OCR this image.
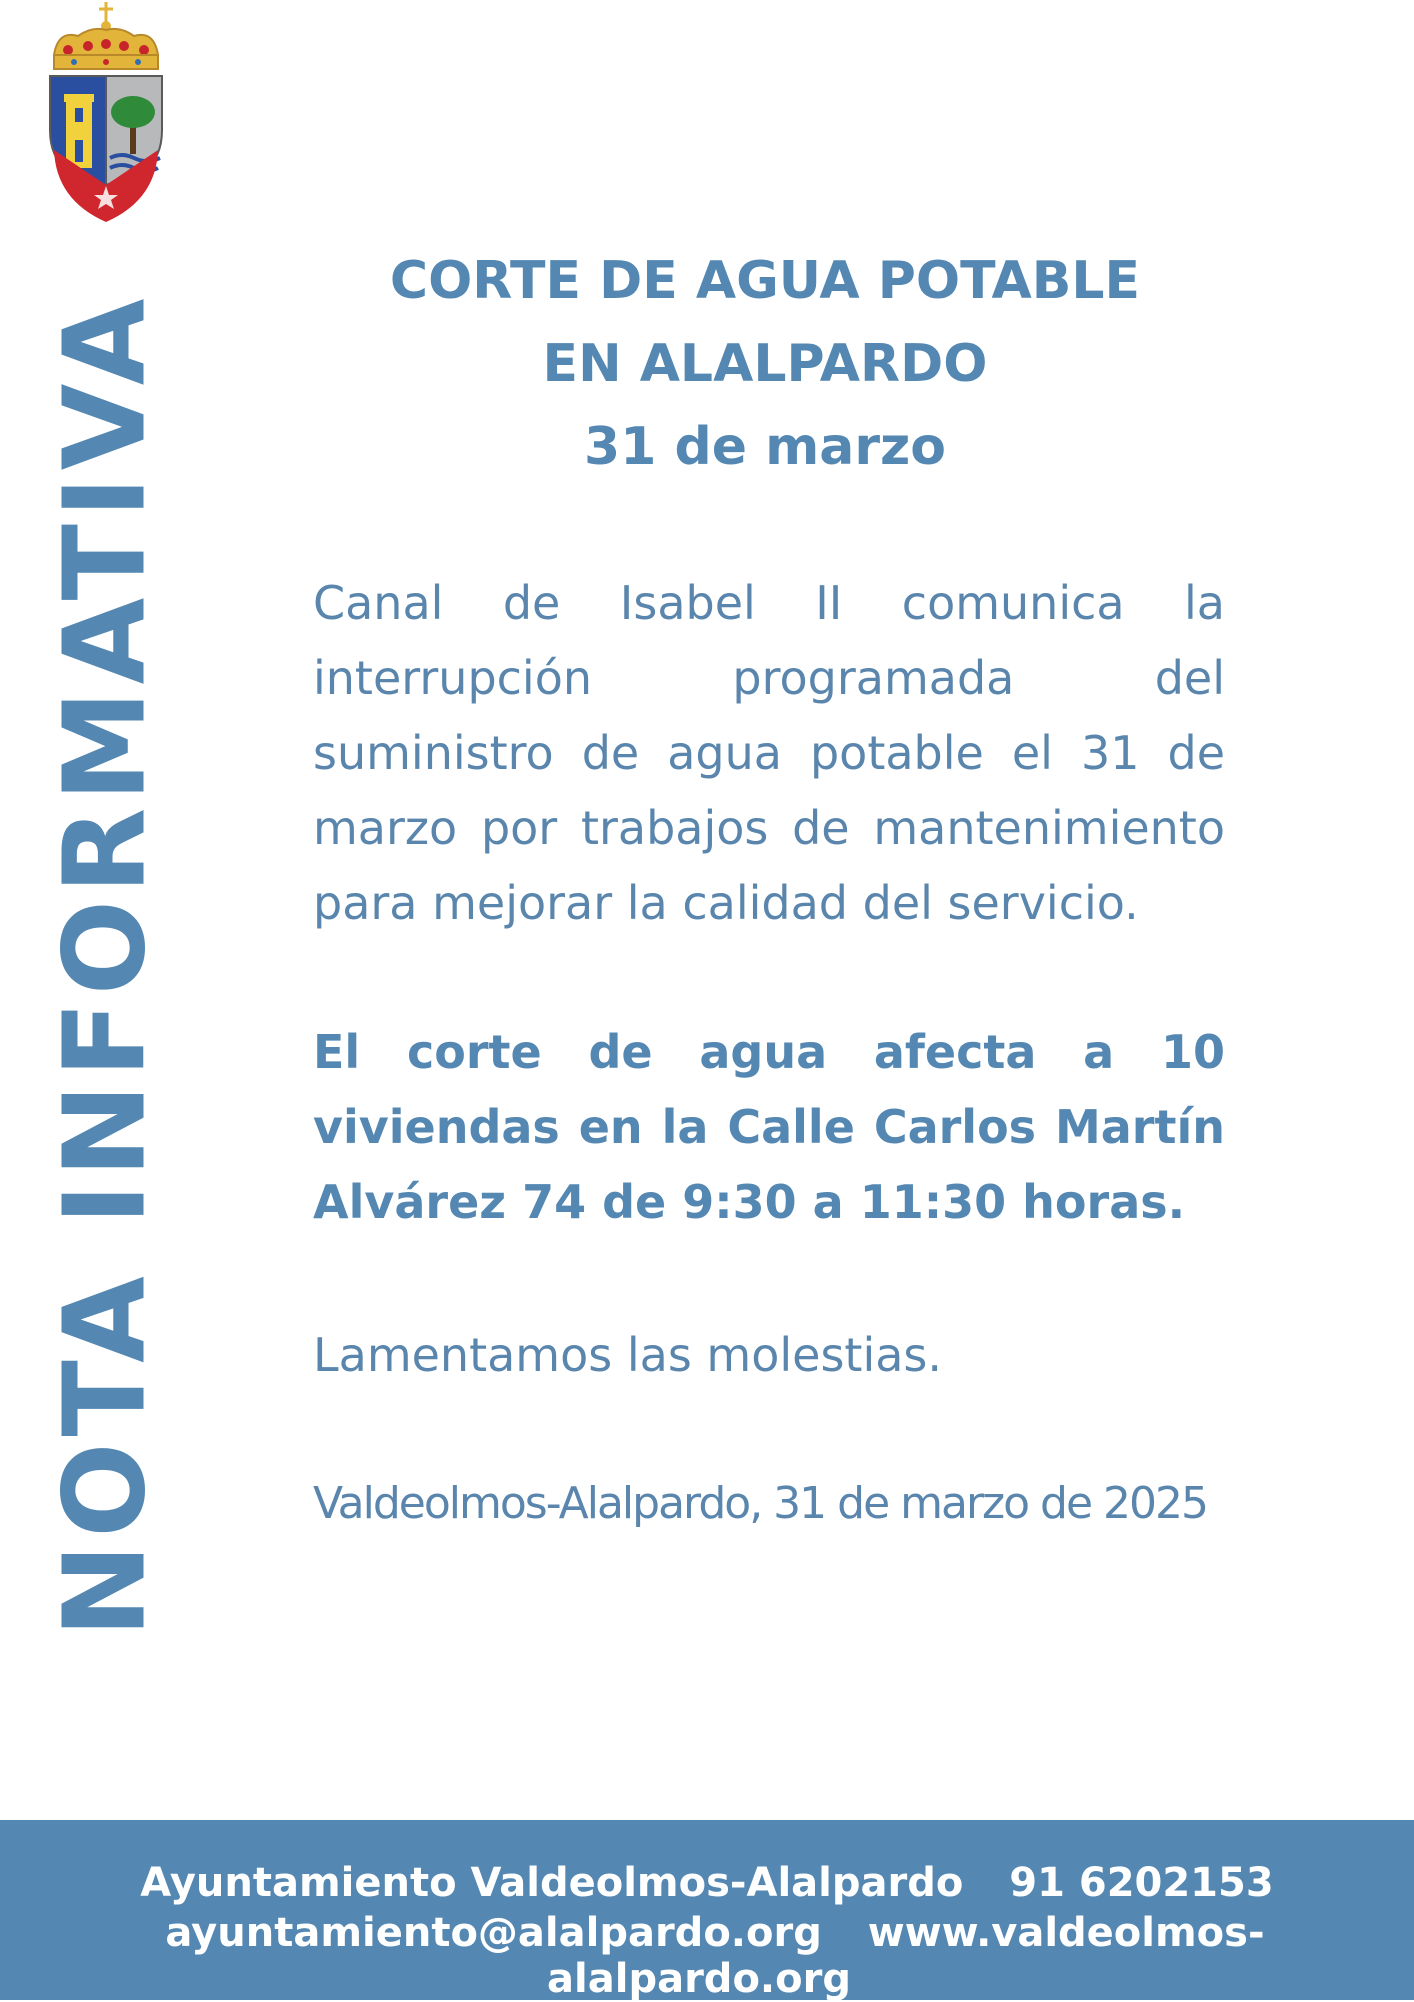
NOTA INFORMATIVA
CORTE DE AGUA POTABLE
EN ALALPARDO
31 de marzo

Canal de Isabel II comunica la interrupción programada del suministro de agua potable el 31 de marzo por trabajos de mantenimiento para mejorar la calidad del servicio.

El corte de agua afecta a 10 viviendas en la Calle Carlos Martín Alvárez 74 de 9:30 a 11:30 horas.

Lamentamos las molestias.

Valdeolmos-Alalpardo, 31 de marzo de 2025

Ayuntamiento Valdeolmos-Alalpardo 91 6202153
ayuntamiento@alalpardo.org www.valdeolmos-alalpardo.org
